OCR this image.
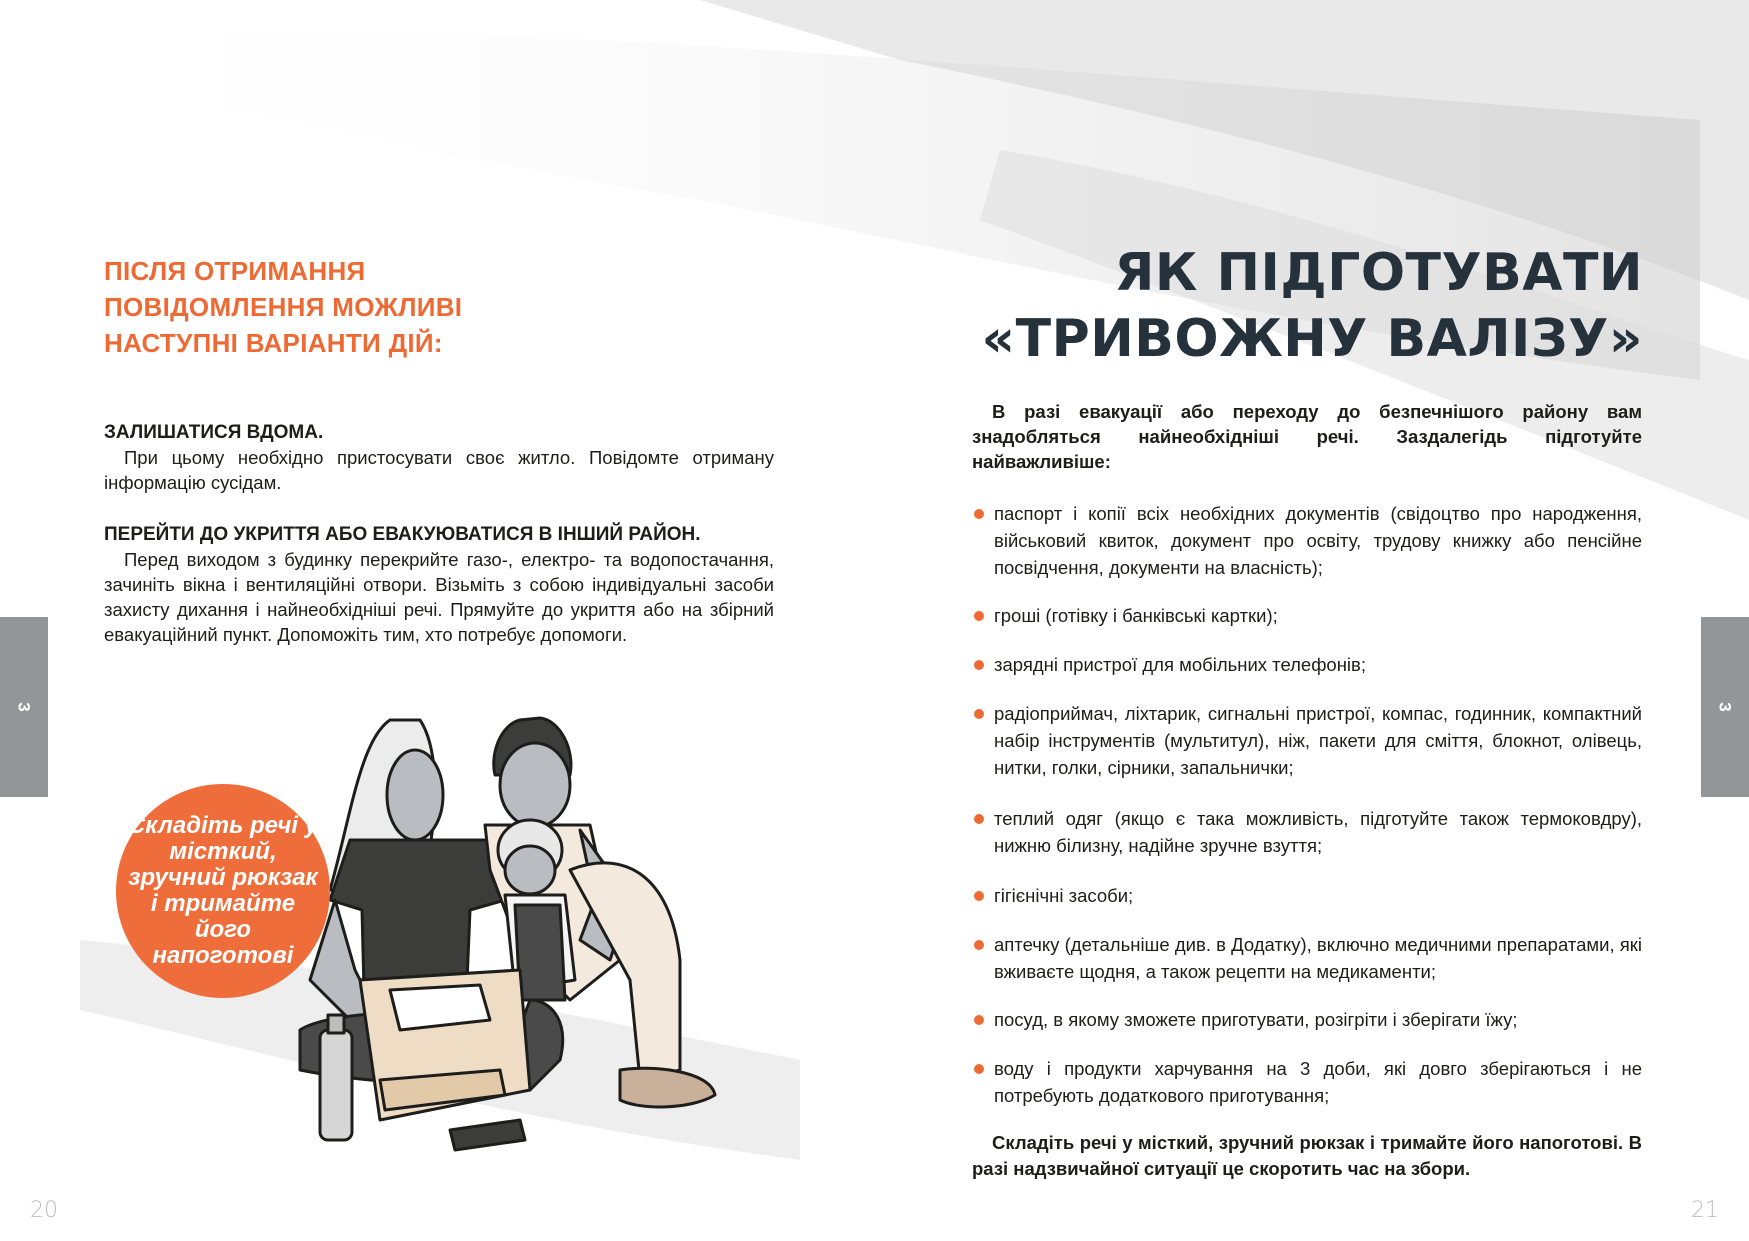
3
ПІСЛЯ ОТРИМАННЯ ПОВІДОМЛЕННЯ МОЖЛИВІ НАСТУПНІ ВАРІАНТИ ДІЙ:
ЗАЛИШАТИСЯ ВДОМА.

При цьому необхідно пристосувати своє житло. Повідомте отриману інформацію сусідам.

ПЕРЕЙТИ ДО УКРИТТЯ АБО ЕВАКУЮВАТИСЯ В ІНШИЙ РАЙОН.

Перед виходом з будинку перекрийте газо-, електро- та водопостачання, зачиніть вікна і вентиляційні отвори. Візьміть з собою індивідуальні засоби захисту дихання і найнеобхідніші речі. Прямуйте до укриття або на збірний евакуаційний пункт. Допоможіть тим, хто потребує допомоги.

Складіть речі у місткий, зручний рюкзак і тримайте його напоготові
20
3
ЯК ПІДГОТУВАТИ
«ТРИВОЖНУ ВАЛІЗУ»

В разі евакуації або переходу до безпечнішого району вам знадобляться найнеобхідніші речі. Заздалегідь підготуйте найважливіше:

паспорт і копії всіх необхідних документів (свідоцтво про народження, військовий квиток, документ про освіту, трудову книжку або пенсійне посвідчення, документи на власність);
гроші (готівку і банківські картки);
зарядні пристрої для мобільних телефонів;
радіоприймач, ліхтарик, сигнальні пристрої, компас, годинник, компактний набір інструментів (мультитул), ніж, пакети для сміття, блокнот, олівець, нитки, голки, сірники, запальнички;
теплий одяг (якщо є така можливість, підготуйте також термоковдру), нижню білизну, надійне зручне взуття;
гігієнічні засоби;
аптечку (детальніше див. в Додатку), включно медичними препаратами, які вживаєте щодня, а також рецепти на медикаменти;
посуд, в якому зможете приготувати, розігріти і зберігати їжу;
воду і продукти харчування на 3 доби, які довго зберігаються і не потребують додаткового приготування;

Складіть речі у місткий, зручний рюкзак і тримайте його напоготові. В разі надзвичайної ситуації це скоротить час на збори.

21
